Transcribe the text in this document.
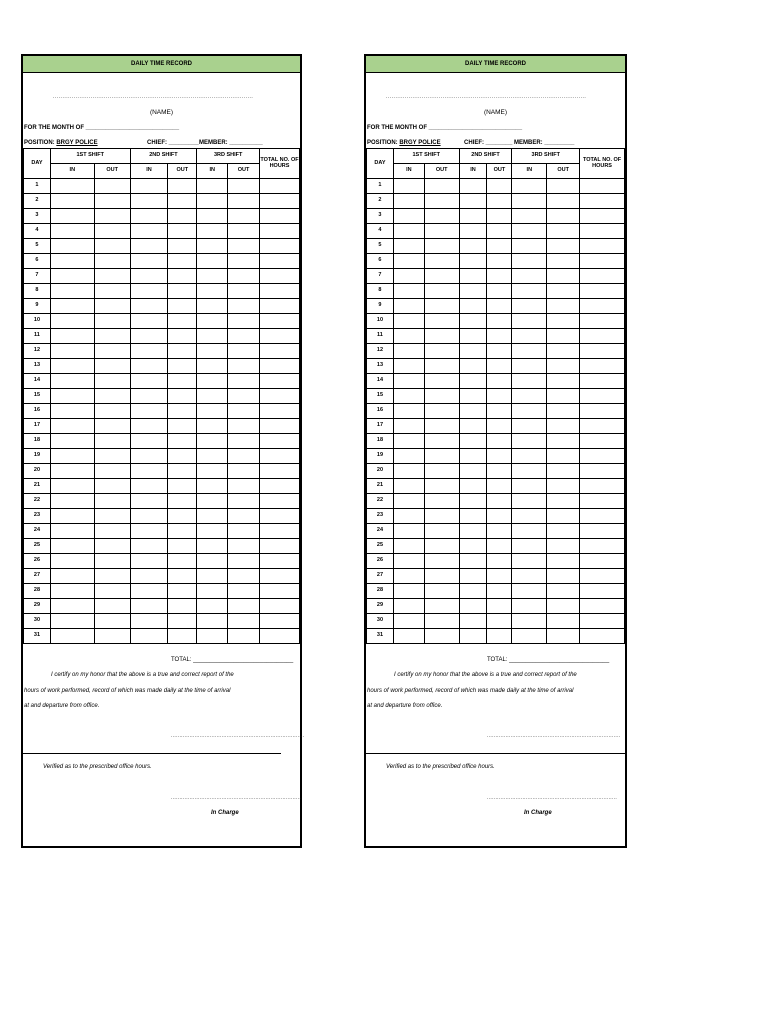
DAILY TIME RECORD
..........................................................................................................
(NAME)
FOR THE MONTH OF ____________________________
POSITION: BRGY POLICE	CHIEF: _________ MEMBER: __________
DAY	1ST SHIFT		2ND SHIFT		3RD SHIFT		TOTAL NO. OF HOURS
	IN	OUT	IN	OUT	IN	OUT	
1							
2							
3							
4							
5							
6							
7							
8							
9							
10							
11							
12							
13							
14							
15							
16							
17							
18							
19							
20							
21							
22							
23							
24							
25							
26							
27							
28							
29							
30							
31							
TOTAL: ______________________________
I certify on my honor that the above is a true and correct report of the
hours of work performed, record of which was made daily at the time of arrival
at and departure from office.
...............................................................................
Verified as to the prescribed office hours.
.............................................................................
In Charge
DAILY TIME RECORD
..........................................................................................................
(NAME)
FOR THE MONTH OF ____________________________
POSITION: BRGY POLICE	CHIEF: ________ MEMBER: _________
DAY	1ST SHIFT		2ND SHIFT		3RD SHIFT		TOTAL NO. OF HOURS
	IN	OUT	IN	OUT	IN	OUT	
1							
2							
3							
4							
5							
6							
7							
8							
9							
10							
11							
12							
13							
14							
15							
16							
17							
18							
19							
20							
21							
22							
23							
24							
25							
26							
27							
28							
29							
30							
31							
TOTAL: ______________________________
I certify on my honor that the above is a true and correct report of the
hours of work performed, record of which was made daily at the time of arrival
at and departure from office.
...............................................................................
Verified as to the prescribed office hours.
.............................................................................
In Charge
